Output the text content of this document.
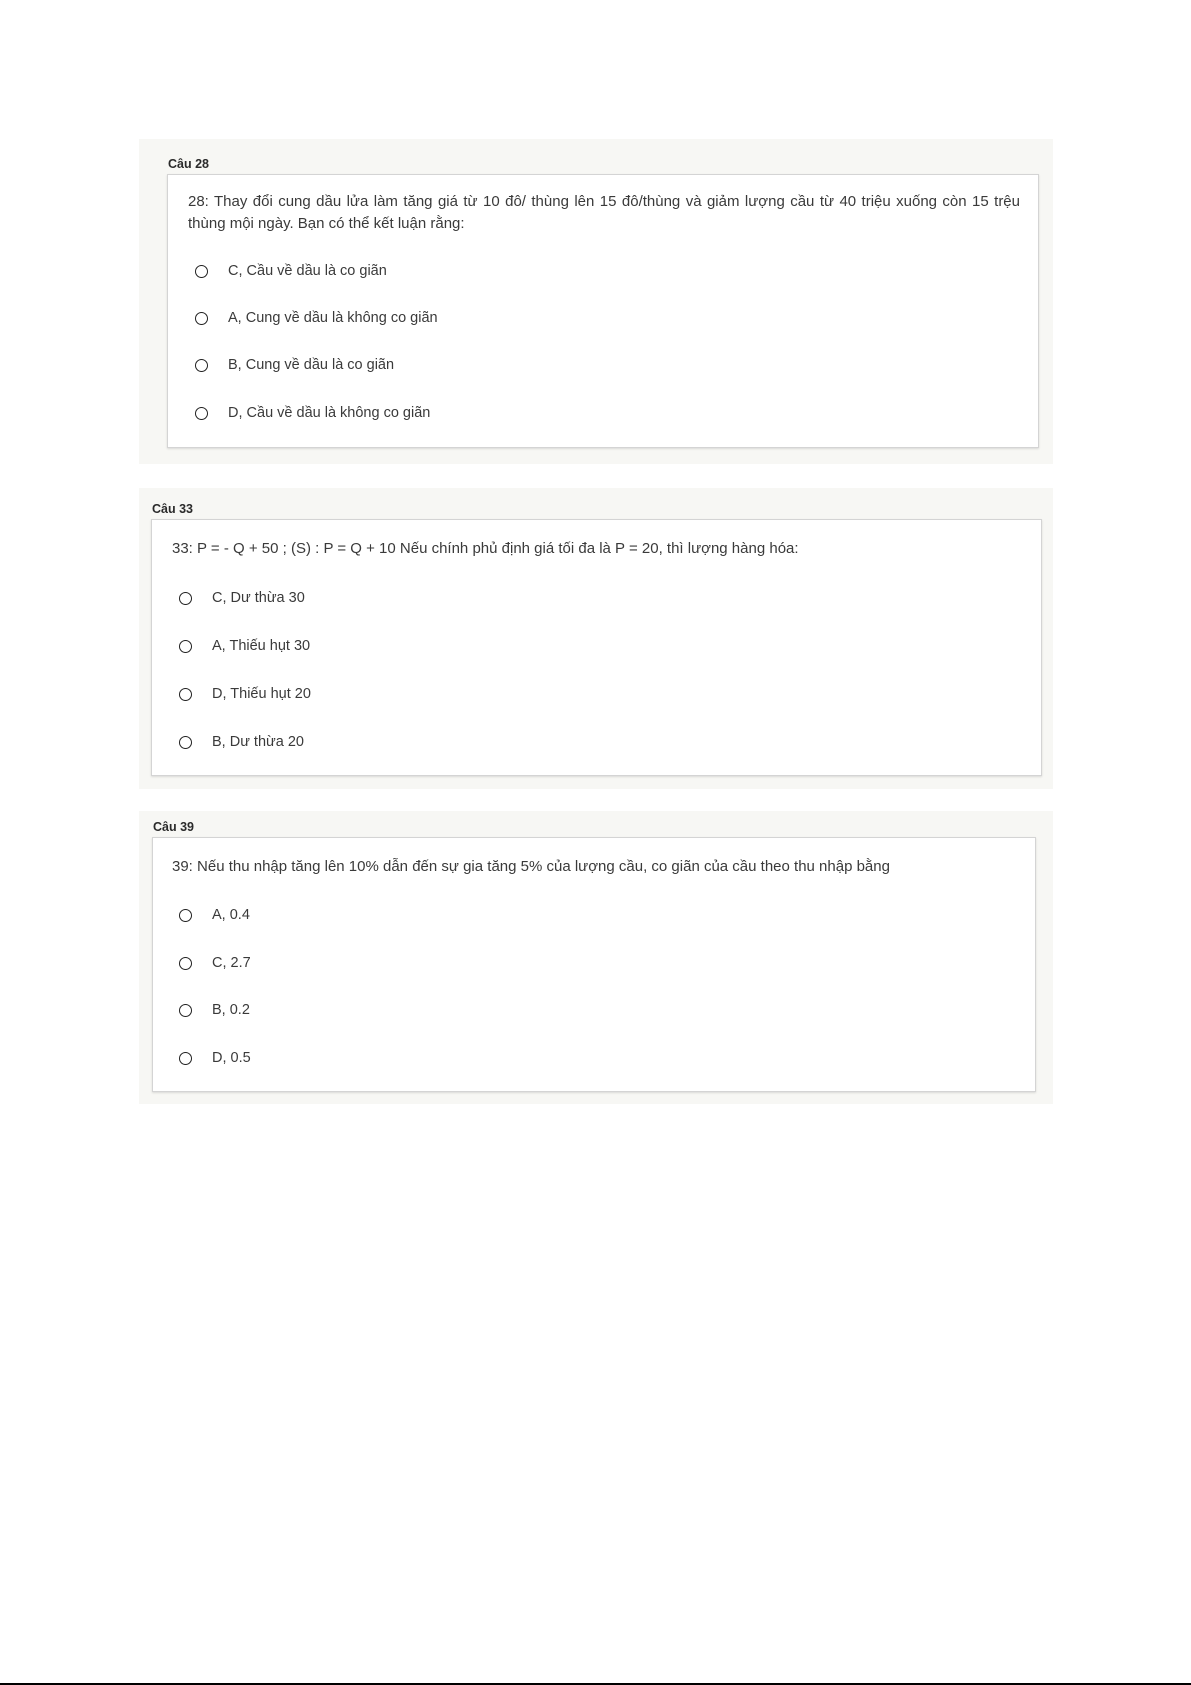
Câu 28
28: Thay đổi cung dầu lửa làm tăng giá từ 10 đô/ thùng lên 15 đô/thùng và giảm lượng cầu từ 40 triệu xuống còn 15 trệu thùng mội ngày. Bạn có thể kết luận rằng:
C, Cầu về dầu là co giãn
A, Cung về dầu là không co giãn
B, Cung về dầu là co giãn
D, Cầu về dầu là không co giãn
Câu 33
33: P = - Q + 50 ; (S) : P = Q + 10 Nếu chính phủ định giá tối đa là P = 20, thì lượng hàng hóa:
C, Dư thừa 30
A, Thiếu hụt 30
D, Thiếu hụt 20
B, Dư thừa 20
Câu 39
39: Nếu thu nhập tăng lên 10% dẫn đến sự gia tăng 5% của lượng cầu, co giãn của cầu theo thu nhập bằng
A, 0.4
C, 2.7
B, 0.2
D, 0.5
